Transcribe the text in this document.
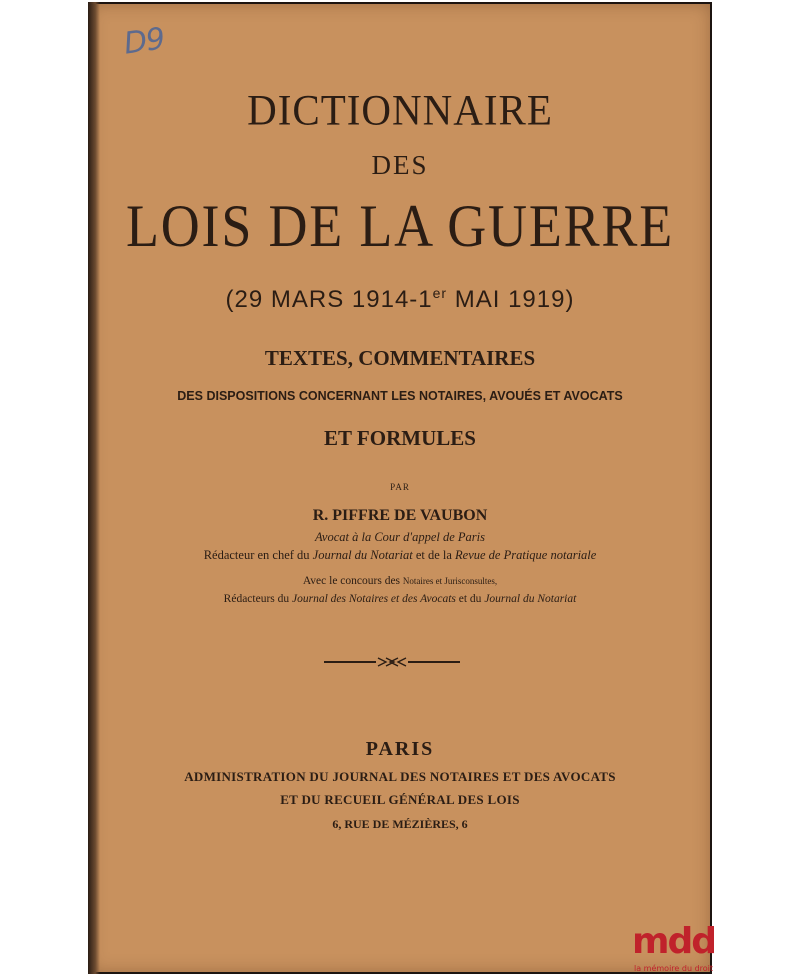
D9
DICTIONNAIRE
DES
LOIS DE LA GUERRE
(29 MARS 1914-1er MAI 1919)
TEXTES, COMMENTAIRES
DES DISPOSITIONS CONCERNANT LES NOTAIRES, AVOUÉS ET AVOCATS
ET FORMULES
PAR
R. PIFFRE DE VAUBON
Avocat à la Cour d'appel de Paris
Rédacteur en chef du Journal du Notariat et de la Revue de Pratique notariale
Avec le concours des Notaires et Jurisconsultes,
Rédacteurs du Journal des Notaires et des Avocats et du Journal du Notariat
PARIS
ADMINISTRATION DU JOURNAL DES NOTAIRES ET DES AVOCATS
ET DU RECUEIL GÉNÉRAL DES LOIS
6, RUE DE MÉZIÈRES, 6
mdd
la mémoire du droit
